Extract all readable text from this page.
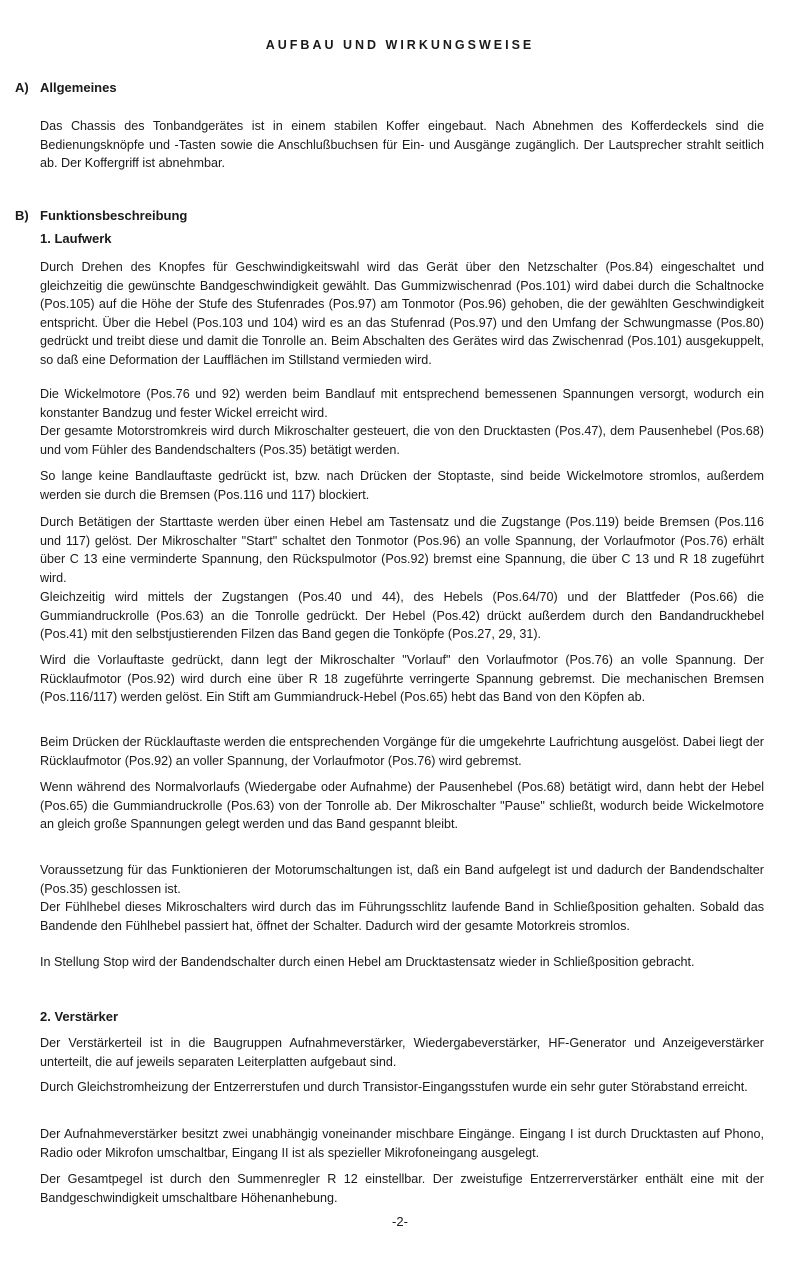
AUFBAU UND WIRKUNGSWEISE
A) Allgemeines
Das Chassis des Tonbandgerätes ist in einem stabilen Koffer eingebaut. Nach Abnehmen des Kofferdeckels sind die Bedienungsknöpfe und -Tasten sowie die Anschlußbuchsen für Ein- und Ausgänge zugänglich. Der Lautsprecher strahlt seitlich ab. Der Koffergriff ist abnehmbar.
B) Funktionsbeschreibung
1. Laufwerk
Durch Drehen des Knopfes für Geschwindigkeitswahl wird das Gerät über den Netzschalter (Pos.84) eingeschaltet und gleichzeitig die gewünschte Bandgeschwindigkeit gewählt. Das Gummizwischenrad (Pos.101) wird dabei durch die Schaltnocke (Pos.105) auf die Höhe der Stufe des Stufenrades (Pos.97) am Tonmotor (Pos.96) gehoben, die der gewählten Geschwindigkeit entspricht. Über die Hebel (Pos.103 und 104) wird es an das Stufenrad (Pos.97) und den Umfang der Schwungmasse (Pos.80) gedrückt und treibt diese und damit die Tonrolle an. Beim Abschalten des Gerätes wird das Zwischenrad (Pos.101) ausgekuppelt, so daß eine Deformation der Laufflächen im Stillstand vermieden wird.
Die Wickelmotore (Pos.76 und 92) werden beim Bandlauf mit entsprechend bemessenen Spannungen versorgt, wodurch ein konstanter Bandzug und fester Wickel erreicht wird.
Der gesamte Motorstromkreis wird durch Mikroschalter gesteuert, die von den Drucktasten (Pos.47), dem Pausenhebel (Pos.68) und vom Fühler des Bandendschalters (Pos.35) betätigt werden.
So lange keine Bandlauftaste gedrückt ist, bzw. nach Drücken der Stoptaste, sind beide Wickelmotore stromlos, außerdem werden sie durch die Bremsen (Pos.116 und 117) blockiert.
Durch Betätigen der Starttaste werden über einen Hebel am Tastensatz und die Zugstange (Pos.119) beide Bremsen (Pos.116 und 117) gelöst. Der Mikroschalter "Start" schaltet den Tonmotor (Pos.96) an volle Spannung, der Vorlaufmotor (Pos.76) erhält über C 13 eine verminderte Spannung, den Rückspulmotor (Pos.92) bremst eine Spannung, die über C 13 und R 18 zugeführt wird.
Gleichzeitig wird mittels der Zugstangen (Pos.40 und 44), des Hebels (Pos.64/70) und der Blattfeder (Pos.66) die Gummiandruckrolle (Pos.63) an die Tonrolle gedrückt. Der Hebel (Pos.42) drückt außerdem durch den Bandandruckhebel (Pos.41) mit den selbstjustierenden Filzen das Band gegen die Tonköpfe (Pos.27, 29, 31).
Wird die Vorlauftaste gedrückt, dann legt der Mikroschalter "Vorlauf" den Vorlaufmotor (Pos.76) an volle Spannung. Der Rücklaufmotor (Pos.92) wird durch eine über R 18 zugeführte verringerte Spannung gebremst. Die mechanischen Bremsen (Pos.116/117) werden gelöst. Ein Stift am Gummiandruck-Hebel (Pos.65) hebt das Band von den Köpfen ab.
Beim Drücken der Rücklauftaste werden die entsprechenden Vorgänge für die umgekehrte Laufrichtung ausgelöst. Dabei liegt der Rücklaufmotor (Pos.92) an voller Spannung, der Vorlaufmotor (Pos.76) wird gebremst.
Wenn während des Normalvorlaufs (Wiedergabe oder Aufnahme) der Pausenhebel (Pos.68) betätigt wird, dann hebt der Hebel (Pos.65) die Gummiandruckrolle (Pos.63) von der Tonrolle ab. Der Mikroschalter "Pause" schließt, wodurch beide Wickelmotore an gleich große Spannungen gelegt werden und das Band gespannt bleibt.
Voraussetzung für das Funktionieren der Motorumschaltungen ist, daß ein Band aufgelegt ist und dadurch der Bandendschalter (Pos.35) geschlossen ist.
Der Fühlhebel dieses Mikroschalters wird durch das im Führungsschlitz laufende Band in Schließposition gehalten. Sobald das Bandende den Fühlhebel passiert hat, öffnet der Schalter. Dadurch wird der gesamte Motorkreis stromlos.
In Stellung Stop wird der Bandendschalter durch einen Hebel am Drucktastensatz wieder in Schließposition gebracht.
2. Verstärker
Der Verstärkerteil ist in die Baugruppen Aufnahmeverstärker, Wiedergabeverstärker, HF-Generator und Anzeigeverstärker unterteilt, die auf jeweils separaten Leiterplatten aufgebaut sind.
Durch Gleichstromheizung der Entzerrerstufen und durch Transistor-Eingangsstufen wurde ein sehr guter Störabstand erreicht.
Der Aufnahmeverstärker besitzt zwei unabhängig voneinander mischbare Eingänge. Eingang I ist durch Drucktasten auf Phono, Radio oder Mikrofon umschaltbar, Eingang II ist als spezieller Mikrofoneingang ausgelegt.
Der Gesamtpegel ist durch den Summenregler R 12 einstellbar. Der zweistufige Entzerrerverstärker enthält eine mit der Bandgeschwindigkeit umschaltbare Höhenanhebung.
-2-
